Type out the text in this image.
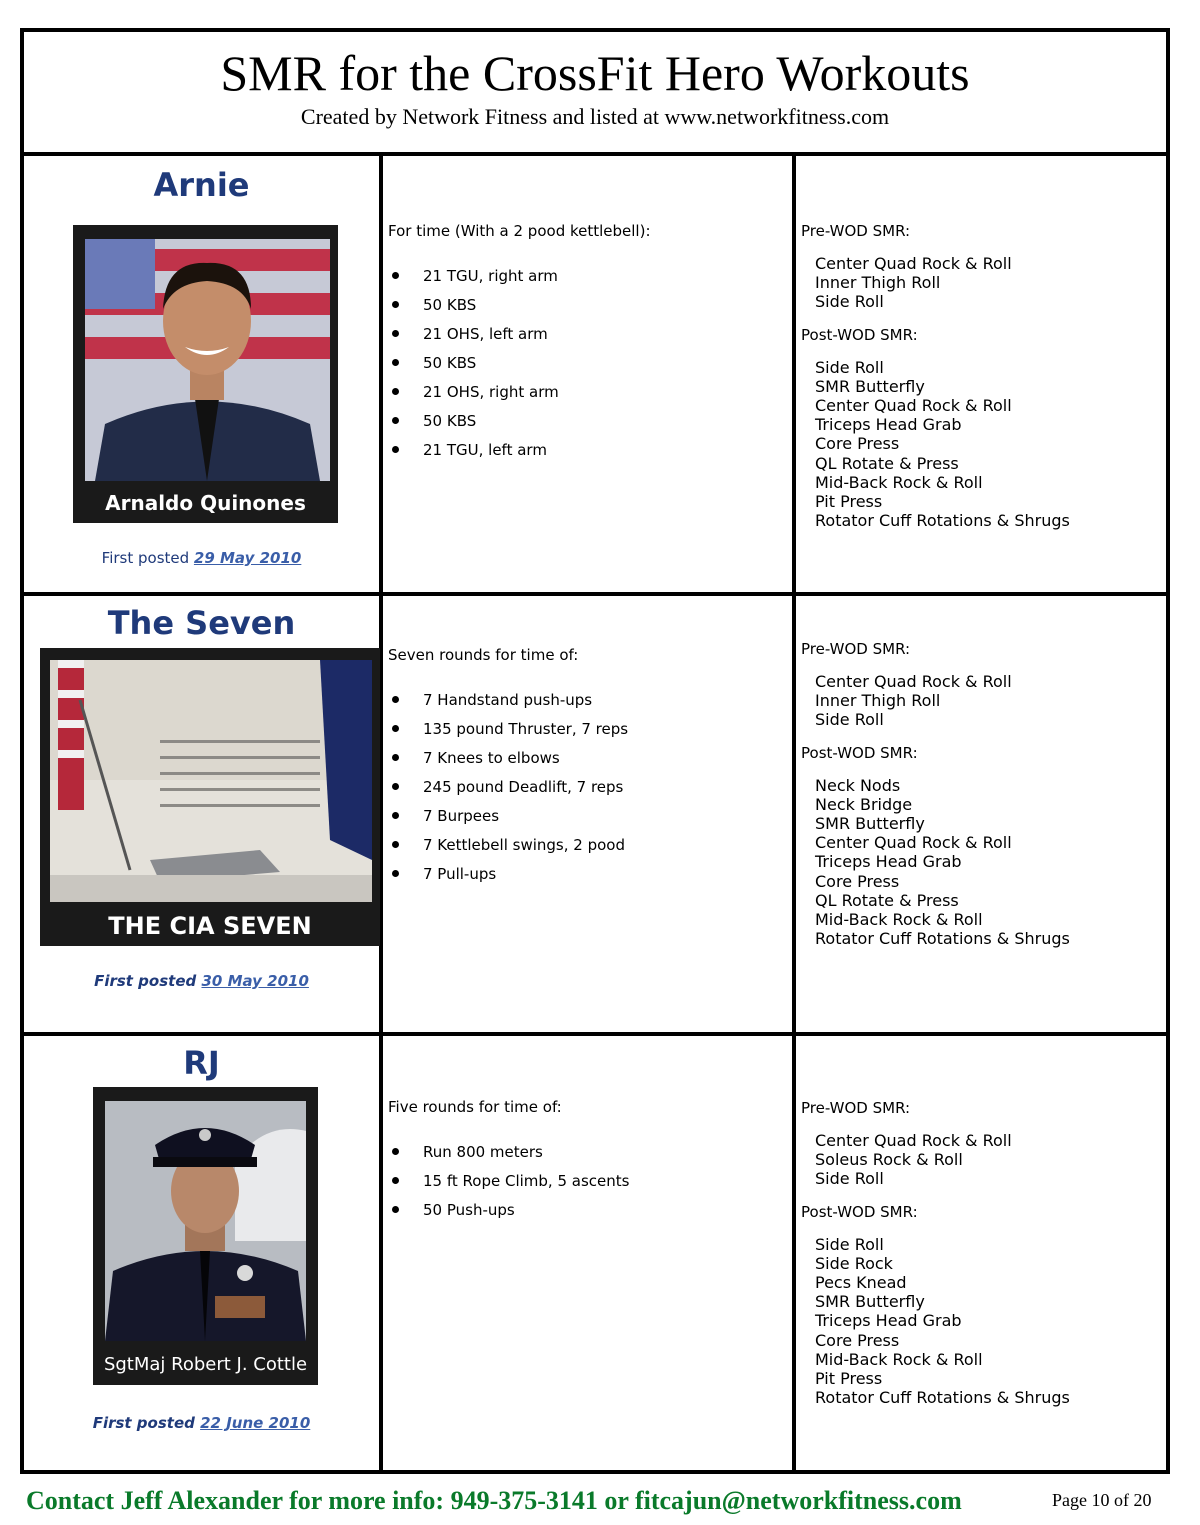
SMR for the CrossFit Hero Workouts
Created by Network Fitness and listed at www.networkfitness.com
Arnie
Arnaldo Quinones
First posted 29 May 2010

For time (With a 2 pood kettlebell):

21 TGU, right arm
50 KBS
21 OHS, left arm
50 KBS
21 OHS, right arm
50 KBS
21 TGU, left arm

Pre-WOD SMR:

Center Quad Rock & Roll
Inner Thigh Roll
Side Roll

Post-WOD SMR:

Side Roll
SMR Butterfly
Center Quad Rock & Roll
Triceps Head Grab
Core Press
QL Rotate & Press
Mid-Back Rock & Roll
Pit Press
Rotator Cuff Rotations & Shrugs
The Seven
THE CIA SEVEN
First posted 30 May 2010

Seven rounds for time of:

7 Handstand push-ups
135 pound Thruster, 7 reps
7 Knees to elbows
245 pound Deadlift, 7 reps
7 Burpees
7 Kettlebell swings, 2 pood
7 Pull-ups

Pre-WOD SMR:

Center Quad Rock & Roll
Inner Thigh Roll
Side Roll

Post-WOD SMR:

Neck Nods
Neck Bridge
SMR Butterfly
Center Quad Rock & Roll
Triceps Head Grab
Core Press
QL Rotate & Press
Mid-Back Rock & Roll
Rotator Cuff Rotations & Shrugs
RJ
SgtMaj Robert J. Cottle
First posted 22 June 2010

Five rounds for time of:

Run 800 meters
15 ft Rope Climb, 5 ascents
50 Push-ups

Pre-WOD SMR:

Center Quad Rock & Roll
Soleus Rock & Roll
Side Roll

Post-WOD SMR:

Side Roll
Side Rock
Pecs Knead
SMR Butterfly
Triceps Head Grab
Core Press
Mid-Back Rock & Roll
Pit Press
Rotator Cuff Rotations & Shrugs
Contact Jeff Alexander for more info: 949-375-3141 or fitcajun@networkfitness.com	Page 10 of 20
